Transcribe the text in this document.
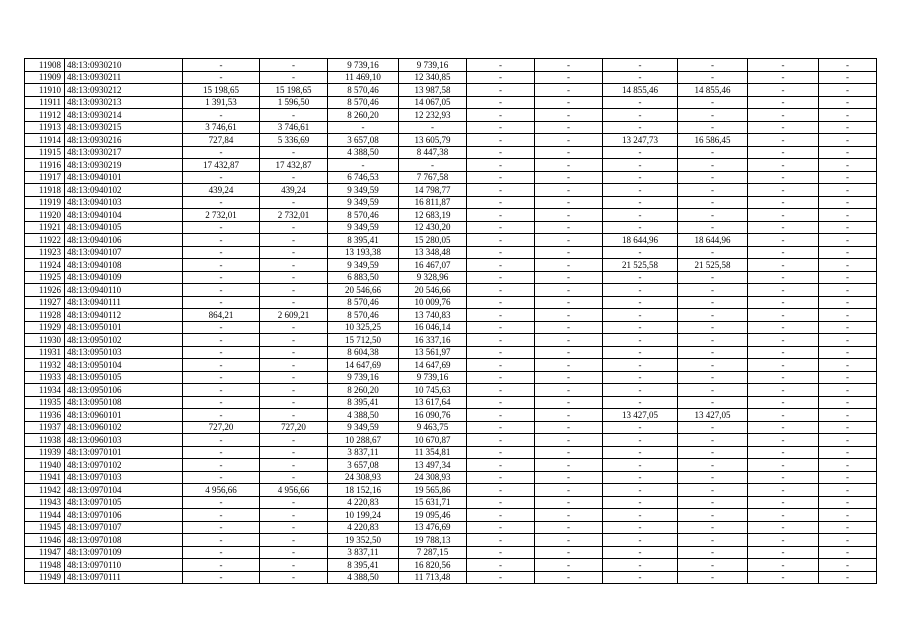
11908	48:13:0930210	-	-	9 739,16	9 739,16	-	-	-	-	-	-
11909	48:13:0930211	-	-	11 469,10	12 340,85	-	-	-	-	-	-
11910	48:13:0930212	15 198,65	15 198,65	8 570,46	13 987,58	-	-	14 855,46	14 855,46	-	-
11911	48:13:0930213	1 391,53	1 596,50	8 570,46	14 067,05	-	-	-	-	-	-
11912	48:13:0930214	-	-	8 260,20	12 232,93	-	-	-	-	-	-
11913	48:13:0930215	3 746,61	3 746,61	-	-	-	-	-	-	-	-
11914	48:13:0930216	727,84	5 336,69	3 657,08	13 605,79	-	-	13 247,73	16 586,45	-	-
11915	48:13:0930217	-	-	4 388,50	8 447,38	-	-	-	-	-	-
11916	48:13:0930219	17 432,87	17 432,87	-	-	-	-	-	-	-	-
11917	48:13:0940101	-	-	6 746,53	7 767,58	-	-	-	-	-	-
11918	48:13:0940102	439,24	439,24	9 349,59	14 798,77	-	-	-	-	-	-
11919	48:13:0940103	-	-	9 349,59	16 811,87	-	-	-	-	-	-
11920	48:13:0940104	2 732,01	2 732,01	8 570,46	12 683,19	-	-	-	-	-	-
11921	48:13:0940105	-	-	9 349,59	12 430,20	-	-	-	-	-	-
11922	48:13:0940106	-	-	8 395,41	15 280,05	-	-	18 644,96	18 644,96	-	-
11923	48:13:0940107	-	-	13 193,38	13 348,48	-	-	-	-	-	-
11924	48:13:0940108	-	-	9 349,59	16 467,07	-	-	21 525,58	21 525,58	-	-
11925	48:13:0940109	-	-	6 883,50	9 328,96	-	-	-	-	-	-
11926	48:13:0940110	-	-	20 546,66	20 546,66	-	-	-	-	-	-
11927	48:13:0940111	-	-	8 570,46	10 009,76	-	-	-	-	-	-
11928	48:13:0940112	864,21	2 609,21	8 570,46	13 740,83	-	-	-	-	-	-
11929	48:13:0950101	-	-	10 325,25	16 046,14	-	-	-	-	-	-
11930	48:13:0950102	-	-	15 712,50	16 337,16	-	-	-	-	-	-
11931	48:13:0950103	-	-	8 604,38	13 561,97	-	-	-	-	-	-
11932	48:13:0950104	-	-	14 647,69	14 647,69	-	-	-	-	-	-
11933	48:13:0950105	-	-	9 739,16	9 739,16	-	-	-	-	-	-
11934	48:13:0950106	-	-	8 260,20	10 745,63	-	-	-	-	-	-
11935	48:13:0950108	-	-	8 395,41	13 617,64	-	-	-	-	-	-
11936	48:13:0960101	-	-	4 388,50	16 090,76	-	-	13 427,05	13 427,05	-	-
11937	48:13:0960102	727,20	727,20	9 349,59	9 463,75	-	-	-	-	-	-
11938	48:13:0960103	-	-	10 288,67	10 670,87	-	-	-	-	-	-
11939	48:13:0970101	-	-	3 837,11	11 354,81	-	-	-	-	-	-
11940	48:13:0970102	-	-	3 657,08	13 497,34	-	-	-	-	-	-
11941	48:13:0970103	-	-	24 308,93	24 308,93	-	-	-	-	-	-
11942	48:13:0970104	4 956,66	4 956,66	18 152,16	19 565,86	-	-	-	-	-	-
11943	48:13:0970105	-	-	4 220,83	15 631,71	-	-	-	-	-	-
11944	48:13:0970106	-	-	10 199,24	19 095,46	-	-	-	-	-	-
11945	48:13:0970107	-	-	4 220,83	13 476,69	-	-	-	-	-	-
11946	48:13:0970108	-	-	19 352,50	19 788,13	-	-	-	-	-	-
11947	48:13:0970109	-	-	3 837,11	7 287,15	-	-	-	-	-	-
11948	48:13:0970110	-	-	8 395,41	16 820,56	-	-	-	-	-	-
11949	48:13:0970111	-	-	4 388,50	11 713,48	-	-	-	-	-	-
